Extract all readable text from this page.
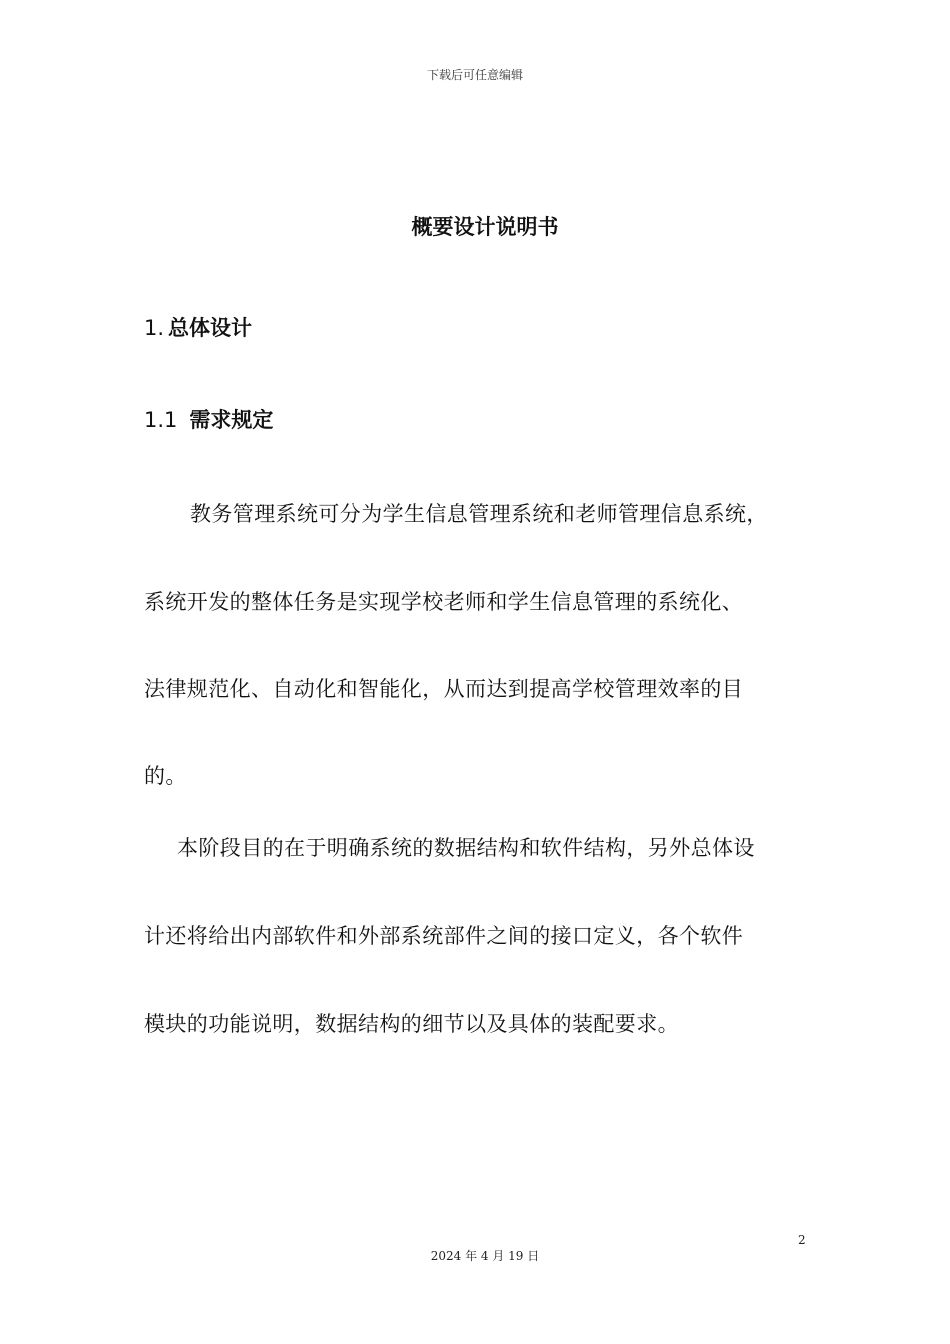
下载后可任意编辑
概要设计说明书
1. 总体设计
1.1 需求规定
教务管理系统可分为学生信息管理系统和老师管理信息系统，
系统开发的整体任务是实现学校老师和学生信息管理的系统化、
法律规范化、自动化和智能化，从而达到提高学校管理效率的目
的。
本阶段目的在于明确系统的数据结构和软件结构，另外总体设
计还将给出内部软件和外部系统部件之间的接口定义，各个软件
模块的功能说明，数据结构的细节以及具体的装配要求。
2
2024 年 4 月 19 日
